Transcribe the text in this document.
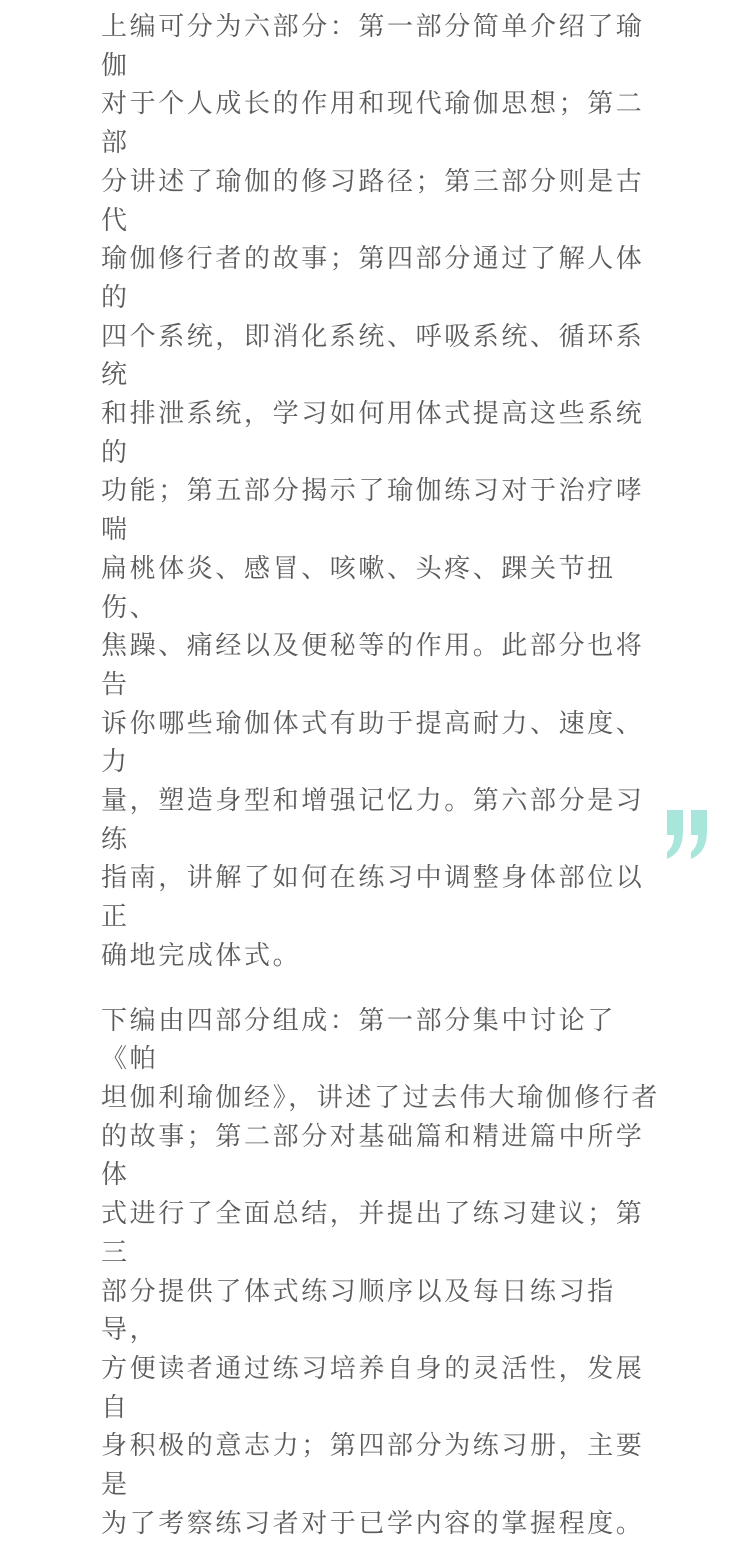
上编可分为六部分：第一部分简单介绍了瑜伽
对于个人成长的作用和现代瑜伽思想；第二部
分讲述了瑜伽的修习路径；第三部分则是古代
瑜伽修行者的故事；第四部分通过了解人体的
四个系统，即消化系统、呼吸系统、循环系统
和排泄系统，学习如何用体式提高这些系统的
功能；第五部分揭示了瑜伽练习对于治疗哮喘
扁桃体炎、感冒、咳嗽、头疼、踝关节扭伤、
焦躁、痛经以及便秘等的作用。此部分也将告
诉你哪些瑜伽体式有助于提高耐力、速度、力
量，塑造身型和增强记忆力。第六部分是习练
指南，讲解了如何在练习中调整身体部位以正
确地完成体式。

下编由四部分组成：第一部分集中讨论了《帕
坦伽利瑜伽经》，讲述了过去伟大瑜伽修行者
的故事；第二部分对基础篇和精进篇中所学体
式进行了全面总结，并提出了练习建议；第三
部分提供了体式练习顺序以及每日练习指导，
方便读者通过练习培养自身的灵活性，发展自
身积极的意志力；第四部分为练习册，主要是
为了考察练习者对于已学内容的掌握程度。
